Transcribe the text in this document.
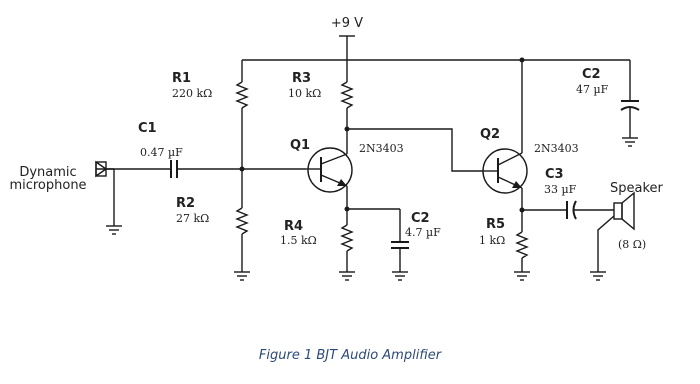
+9 V
Dynamic
microphone
C1
0.47 µF
R1
220 kΩ
R2
27 kΩ
R3
10 kΩ
Q1	2N3403
R4
1.5 kΩ
C2
4.7 µF
Q2
2N3403
R5
1 kΩ
C3
33 µF	Speaker
(8 Ω)
C2
47 µF
Figure 1 BJT Audio Amplifier
